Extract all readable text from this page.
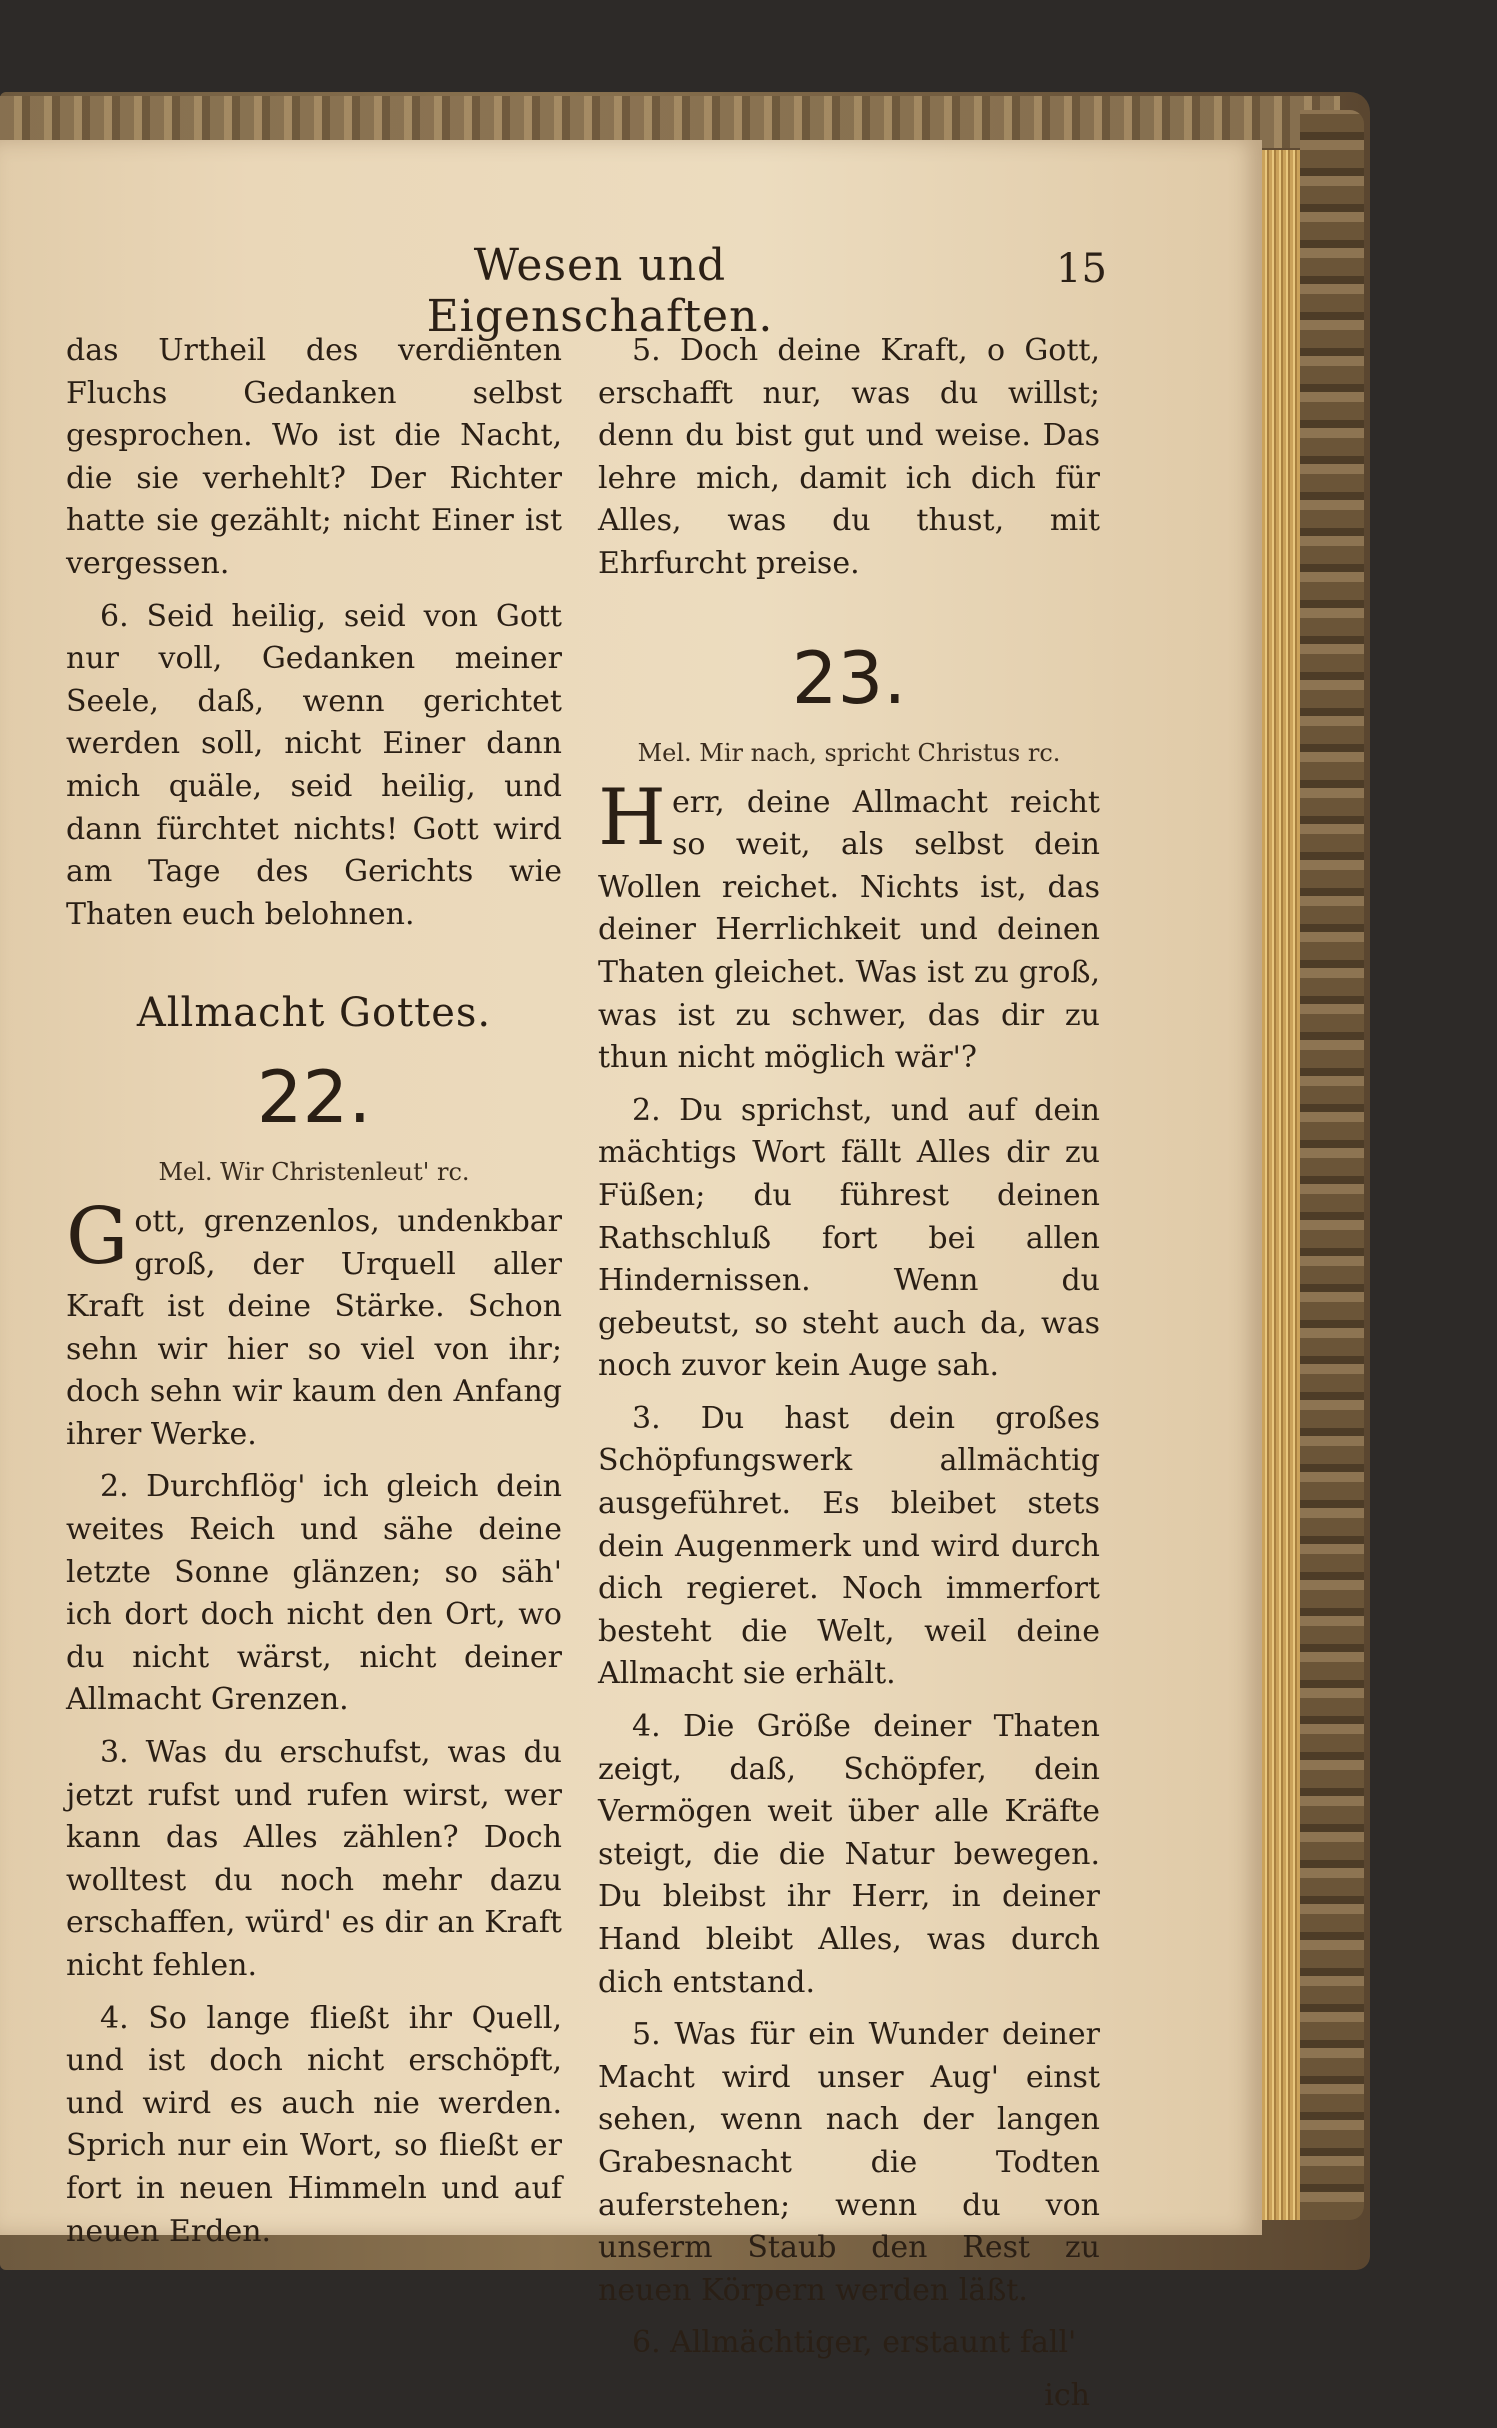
Wesen und Eigenschaften.
15

das Urtheil des verdienten Fluchs Gedanken selbst gesprochen. Wo ist die Nacht, die sie verhehlt? Der Richter hatte sie gezählt; nicht Einer ist vergessen.

6. Seid heilig, seid von Gott nur voll, Gedanken meiner Seele, daß, wenn gerichtet werden soll, nicht Einer dann mich quäle, seid heilig, und dann fürchtet nichts! Gott wird am Tage des Gerichts wie Thaten euch belohnen.

Allmacht Gottes.
22.
Mel. Wir Christenleut' rc.

Gott, grenzenlos, undenkbar groß, der Urquell aller Kraft ist deine Stärke. Schon sehn wir hier so viel von ihr; doch sehn wir kaum den Anfang ihrer Werke.

2. Durchflög' ich gleich dein weites Reich und sähe deine letzte Sonne glänzen; so säh' ich dort doch nicht den Ort, wo du nicht wärst, nicht deiner Allmacht Grenzen.

3. Was du erschufst, was du jetzt rufst und rufen wirst, wer kann das Alles zählen? Doch wolltest du noch mehr dazu erschaffen, würd' es dir an Kraft nicht fehlen.

4. So lange fließt ihr Quell, und ist doch nicht erschöpft, und wird es auch nie werden. Sprich nur ein Wort, so fließt er fort in neuen Himmeln und auf neuen Erden.

5. Doch deine Kraft, o Gott, erschafft nur, was du willst; denn du bist gut und weise. Das lehre mich, damit ich dich für Alles, was du thust, mit Ehrfurcht preise.

23.
Mel. Mir nach, spricht Christus rc.

Herr, deine Allmacht reicht so weit, als selbst dein Wollen reichet. Nichts ist, das deiner Herrlichkeit und deinen Thaten gleichet. Was ist zu groß, was ist zu schwer, das dir zu thun nicht möglich wär'?

2. Du sprichst, und auf dein mächtigs Wort fällt Alles dir zu Füßen; du führest deinen Rathschluß fort bei allen Hindernissen. Wenn du gebeutst, so steht auch da, was noch zuvor kein Auge sah.

3. Du hast dein großes Schöpfungswerk allmächtig ausgeführet. Es bleibet stets dein Augenmerk und wird durch dich regieret. Noch immerfort besteht die Welt, weil deine Allmacht sie erhält.

4. Die Größe deiner Thaten zeigt, daß, Schöpfer, dein Vermögen weit über alle Kräfte steigt, die die Natur bewegen. Du bleibst ihr Herr, in deiner Hand bleibt Alles, was durch dich entstand.

5. Was für ein Wunder deiner Macht wird unser Aug' einst sehen, wenn nach der langen Grabesnacht die Todten auferstehen; wenn du von unserm Staub den Rest zu neuen Körpern werden läßt.

6. Allmächtiger, erstaunt fall'

ich
